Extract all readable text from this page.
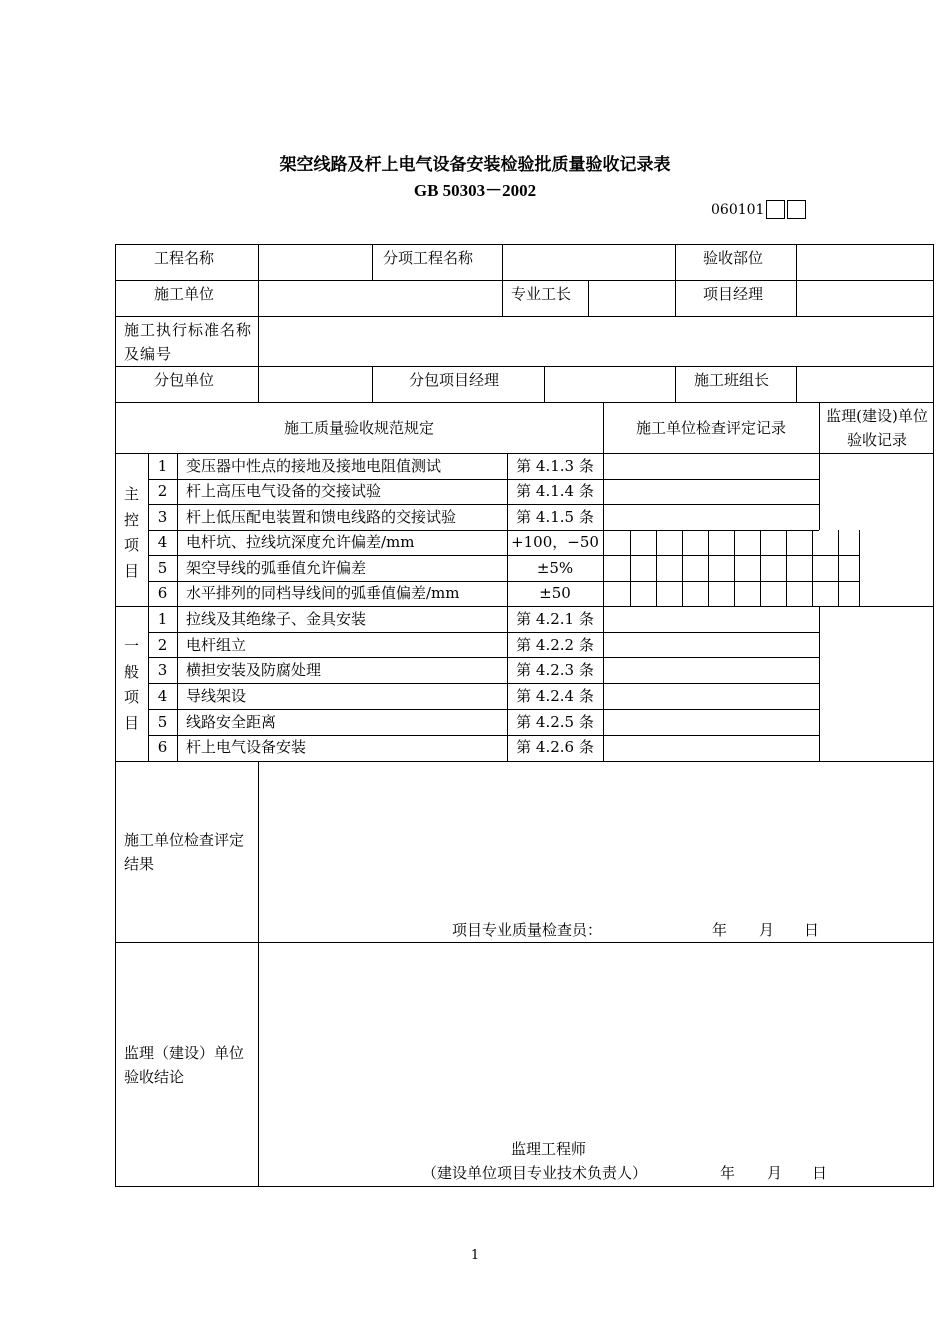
架空线路及杆上电气设备安装检验批质量验收记录表
GB 50303－2002
060101
工程名称	分项工程名称	验收部位
施工单位	专业工长	项目经理
施工执行标准名称及编号
分包单位	分包项目经理	施工班组长
施工质量验收规范规定	施工单位检查评定记录
监理(建设)单位验收记录
主控项目
1	变压器中性点的接地及接地电阻值测试	第 4.1.3 条
2	杆上高压电气设备的交接试验	第 4.1.4 条
3	杆上低压配电装置和馈电线路的交接试验	第 4.1.5 条
4	电杆坑、拉线坑深度允许偏差/mm	+100，−50
5	架空导线的弧垂值允许偏差	±5%
6	水平排列的同档导线间的弧垂值偏差/mm	±50
一般项目
1	拉线及其绝缘子、金具安装	第 4.2.1 条
2	电杆组立	第 4.2.2 条
3	横担安装及防腐处理	第 4.2.3 条
4	导线架设	第 4.2.4 条
5	线路安全距离	第 4.2.5 条
6	杆上电气设备安装	第 4.2.6 条
施工单位检查评定结果
项目专业质量检查员：	年 月 日
监理（建设）单位验收结论
监理工程师
（建设单位项目专业技术负责人）	年 月 日
1
